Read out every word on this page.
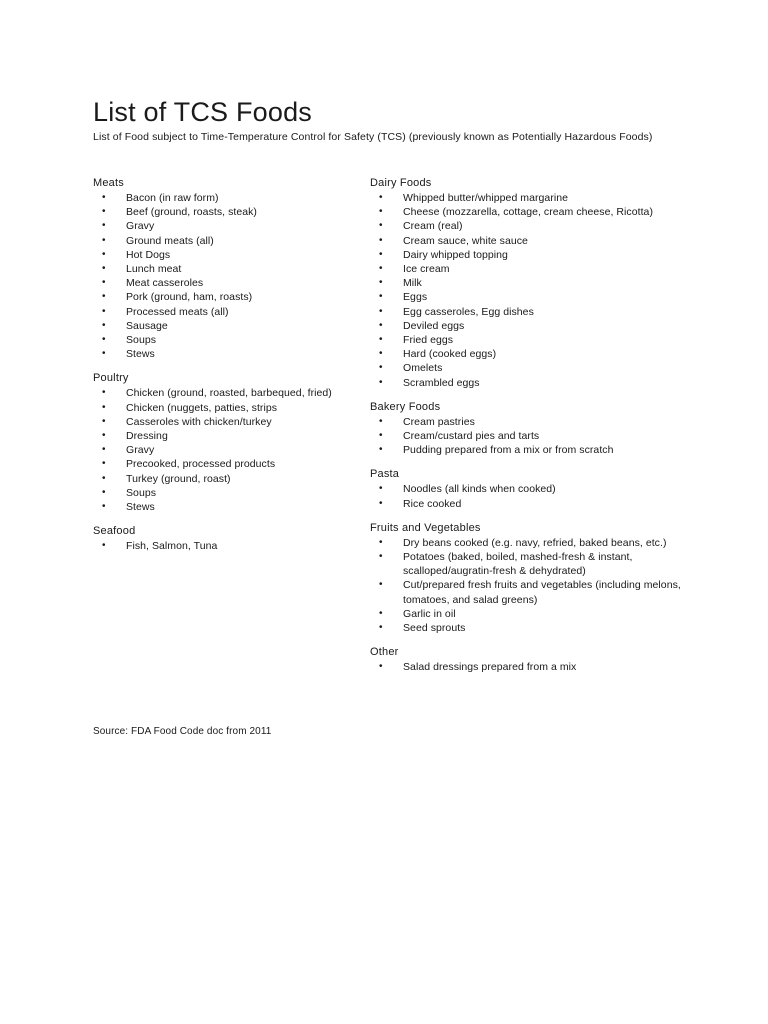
List of TCS Foods

List of Food subject to Time-Temperature Control for Safety (TCS) (previously known as Potentially Hazardous Foods)

Meats
• Bacon (in raw form)
• Beef (ground, roasts, steak)
• Gravy
• Ground meats (all)
• Hot Dogs
• Lunch meat
• Meat casseroles
• Pork (ground, ham, roasts)
• Processed meats (all)
• Sausage
• Soups
• Stews
Poultry
• Chicken (ground, roasted, barbequed, fried)
• Chicken (nuggets, patties, strips
• Casseroles with chicken/turkey
• Dressing
• Gravy
• Precooked, processed products
• Turkey (ground, roast)
• Soups
• Stews
Seafood
• Fish, Salmon, Tuna
Dairy Foods
• Whipped butter/whipped margarine
• Cheese (mozzarella, cottage, cream cheese, Ricotta)
• Cream (real)
• Cream sauce, white sauce
• Dairy whipped topping
• Ice cream
• Milk
• Eggs
• Egg casseroles, Egg dishes
• Deviled eggs
• Fried eggs
• Hard (cooked eggs)
• Omelets
• Scrambled eggs
Bakery Foods
• Cream pastries
• Cream/custard pies and tarts
• Pudding prepared from a mix or from scratch
Pasta
• Noodles (all kinds when cooked)
• Rice cooked
Fruits and Vegetables
• Dry beans cooked (e.g. navy, refried, baked beans, etc.)
• Potatoes (baked, boiled, mashed-fresh & instant, scalloped/augratin-fresh & dehydrated)
• Cut/prepared fresh fruits and vegetables (including melons, tomatoes, and salad greens)
• Garlic in oil
• Seed sprouts
Other
• Salad dressings prepared from a mix
Source: FDA Food Code doc from 2011
